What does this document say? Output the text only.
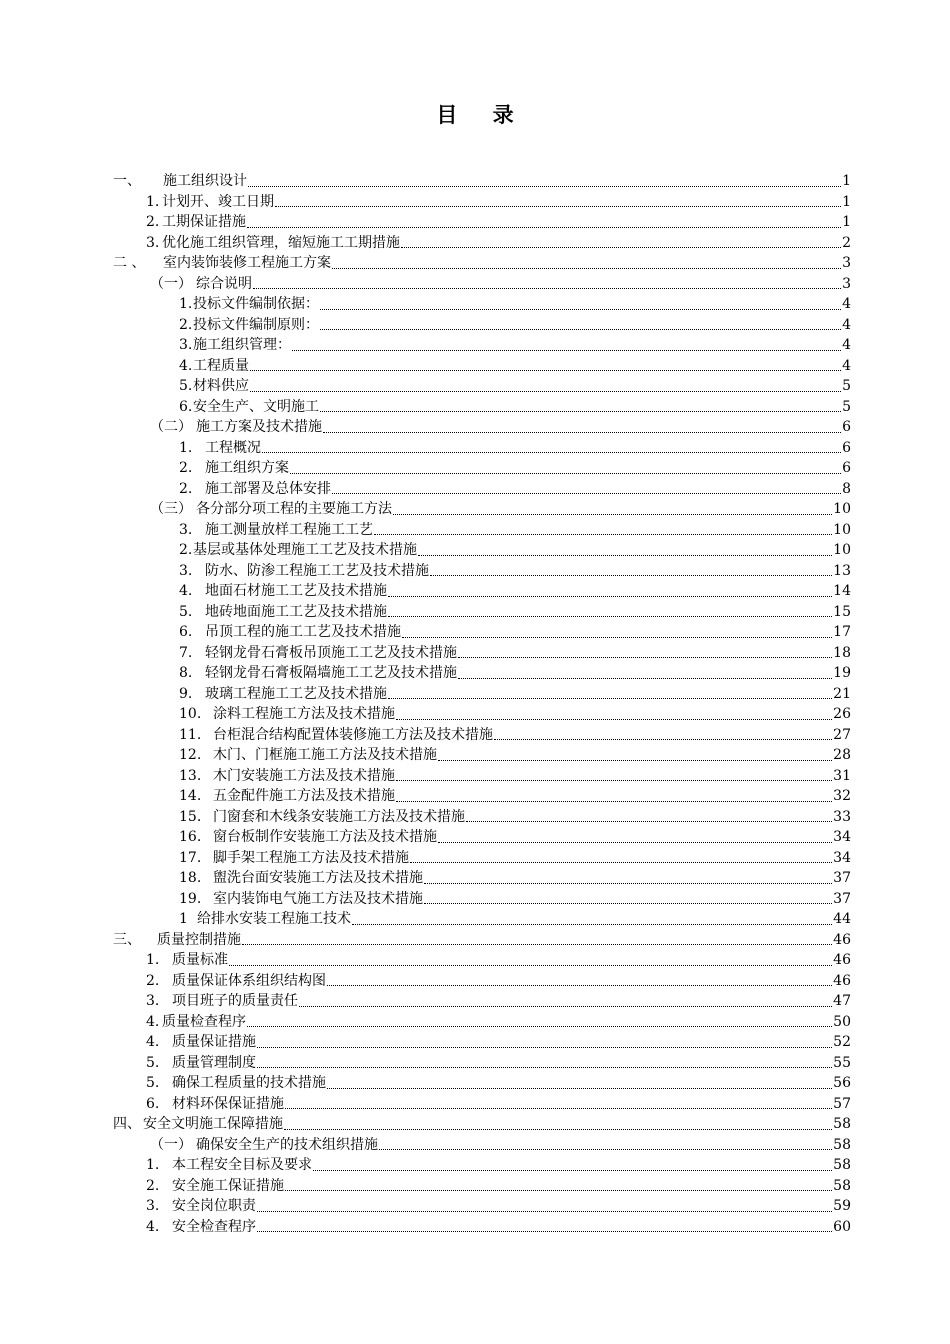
目 录
一、 施工组织设计	1
1. 计划开、竣工日期	1
2. 工期保证措施	1
3. 优化施工组织管理，缩短施工工期措施	2
二 、 室内装饰装修工程施工方案	3
（一） 综合说明	3
1.投标文件编制依据：	4
2.投标文件编制原则：	4
3.施工组织管理：	4
4.工程质量	4
5.材料供应	5
6.安全生产、文明施工	5
（二） 施工方案及技术措施	6
1. 工程概况	6
2. 施工组织方案	6
2. 施工部署及总体安排	8
（三） 各分部分项工程的主要施工方法	10
3. 施工测量放样工程施工工艺	10
2.基层或基体处理施工工艺及技术措施	10
3. 防水、防渗工程施工工艺及技术措施	13
4. 地面石材施工工艺及技术措施	14
5. 地砖地面施工工艺及技术措施	15
6. 吊顶工程的施工工艺及技术措施	17
7. 轻钢龙骨石膏板吊顶施工工艺及技术措施	18
8. 轻钢龙骨石膏板隔墙施工工艺及技术措施	19
9. 玻璃工程施工工艺及技术措施	21
10. 涂料工程施工方法及技术措施	26
11. 台柜混合结构配置体装修施工方法及技术措施	27
12. 木门、门框施工施工方法及技术措施	28
13. 木门安装施工方法及技术措施	31
14. 五金配件施工方法及技术措施	32
15. 门窗套和木线条安装施工方法及技术措施	33
16. 窗台板制作安装施工方法及技术措施	34
17. 脚手架工程施工方法及技术措施	34
18. 盥洗台面安装施工方法及技术措施	37
19. 室内装饰电气施工方法及技术措施	37
1 给排水安装工程施工技术	44
三、 质量控制措施	46
1. 质量标准	46
2. 质量保证体系组织结构图	46
3. 项目班子的质量责任	47
4. 质量检查程序	50
4. 质量保证措施	52
5. 质量管理制度	55
5. 确保工程质量的技术措施	56
6. 材料环保保证措施	57
四、 安全文明施工保障措施	58
（一） 确保安全生产的技术组织措施	58
1. 本工程安全目标及要求	58
2. 安全施工保证措施	58
3. 安全岗位职责	59
4. 安全检查程序	60
